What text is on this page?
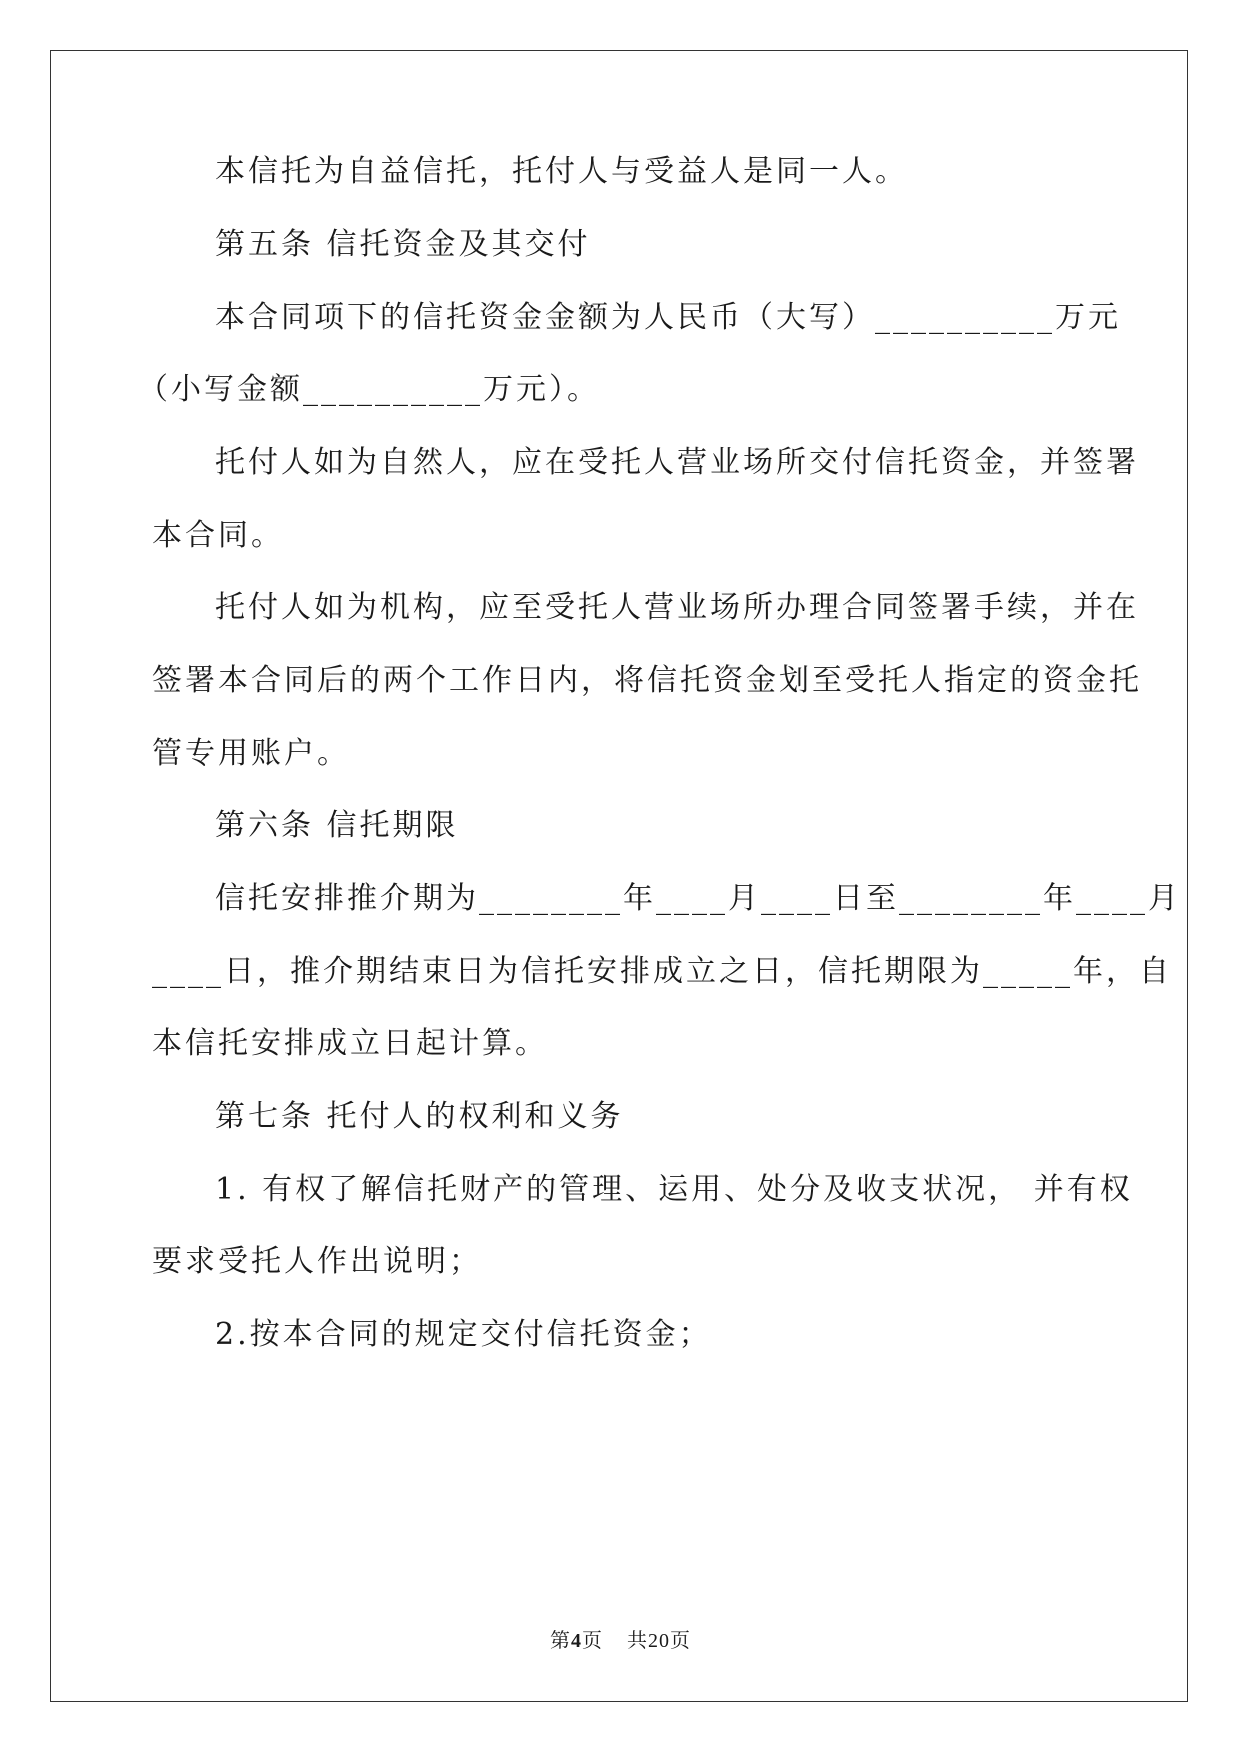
本信托为自益信托，托付人与受益人是同一人。
第五条 信托资金及其交付
本合同项下的信托资金金额为人民币（大写）__________万元
（小写金额__________万元）。
托付人如为自然人，应在受托人营业场所交付信托资金，并签署
本合同。
托付人如为机构，应至受托人营业场所办理合同签署手续，并在
签署本合同后的两个工作日内，将信托资金划至受托人指定的资金托
管专用账户。
第六条 信托期限
信托安排推介期为________年____月____日至________年____月
____日，推介期结束日为信托安排成立之日，信托期限为_____年，自
本信托安排成立日起计算。
第七条 托付人的权利和义务
1. 有权了解信托财产的管理、运用、处分及收支状况， 并有权
要求受托人作出说明；
2.按本合同的规定交付信托资金；
第4页 共20页
